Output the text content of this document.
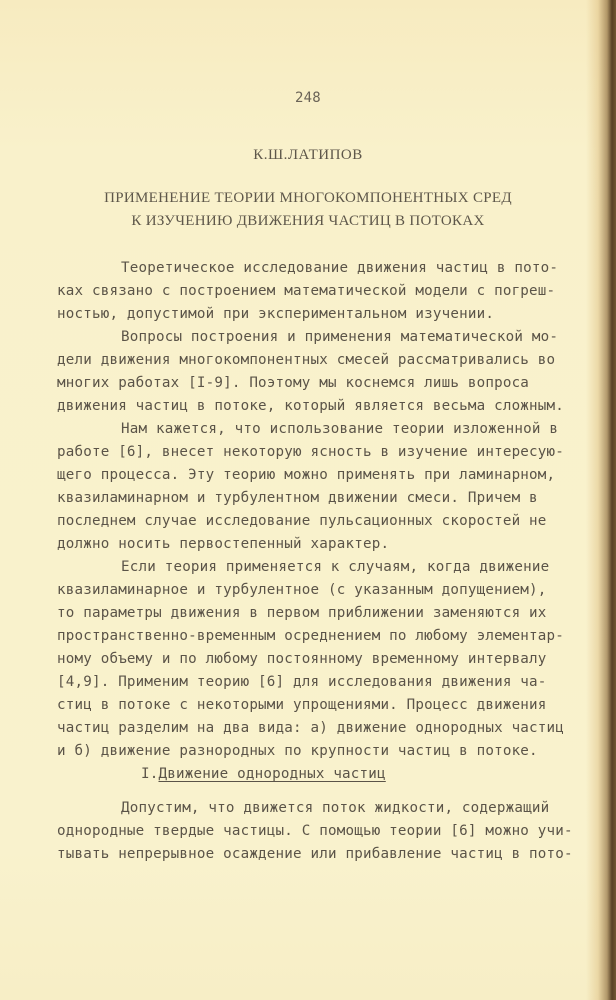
248
К.Ш.ЛАТИПОВ
ПРИМЕНЕНИЕ ТЕОРИИ МНОГОКОМПОНЕНТНЫХ СРЕД
К ИЗУЧЕНИЮ ДВИЖЕНИЯ ЧАСТИЦ В ПОТОКАХ
Теоретическое исследование движения частиц в пото-
ках связано с построением математической модели с погреш-
ностью, допустимой при экспериментальном изучении.
Вопросы построения и применения математической мо-
дели движения многокомпонентных смесей рассматривались во
многих работах [I-9]. Поэтому мы коснемся лишь вопроса
движения частиц в потоке, который является весьма сложным.
Нам кажется, что использование теории изложенной в
работе [6], внесет некоторую ясность в изучение интересую-
щего процесса. Эту теорию можно применять при ламинарном,
квазиламинарном и турбулентном движении смеси. Причем в
последнем случае исследование пульсационных скоростей не
должно носить первостепенный характер.
Если теория применяется к случаям, когда движение
квазиламинарное и турбулентное (с указанным допущением),
то параметры движения в первом приближении заменяются их
пространственно-временным осреднением по любому элементар-
ному объему и по любому постоянному временному интервалу
[4,9]. Применим теорию [6] для исследования движения ча-
стиц в потоке с некоторыми упрощениями. Процесс движения
частиц разделим на два вида: а) движение однородных частиц
и б) движение разнородных по крупности частиц в потоке.
I.Движение однородных частиц
Допустим, что движется поток жидкости, содержащий
однородные твердые частицы. С помощью теории [6] можно учи-
тывать непрерывное осаждение или прибавление частиц в пото-
